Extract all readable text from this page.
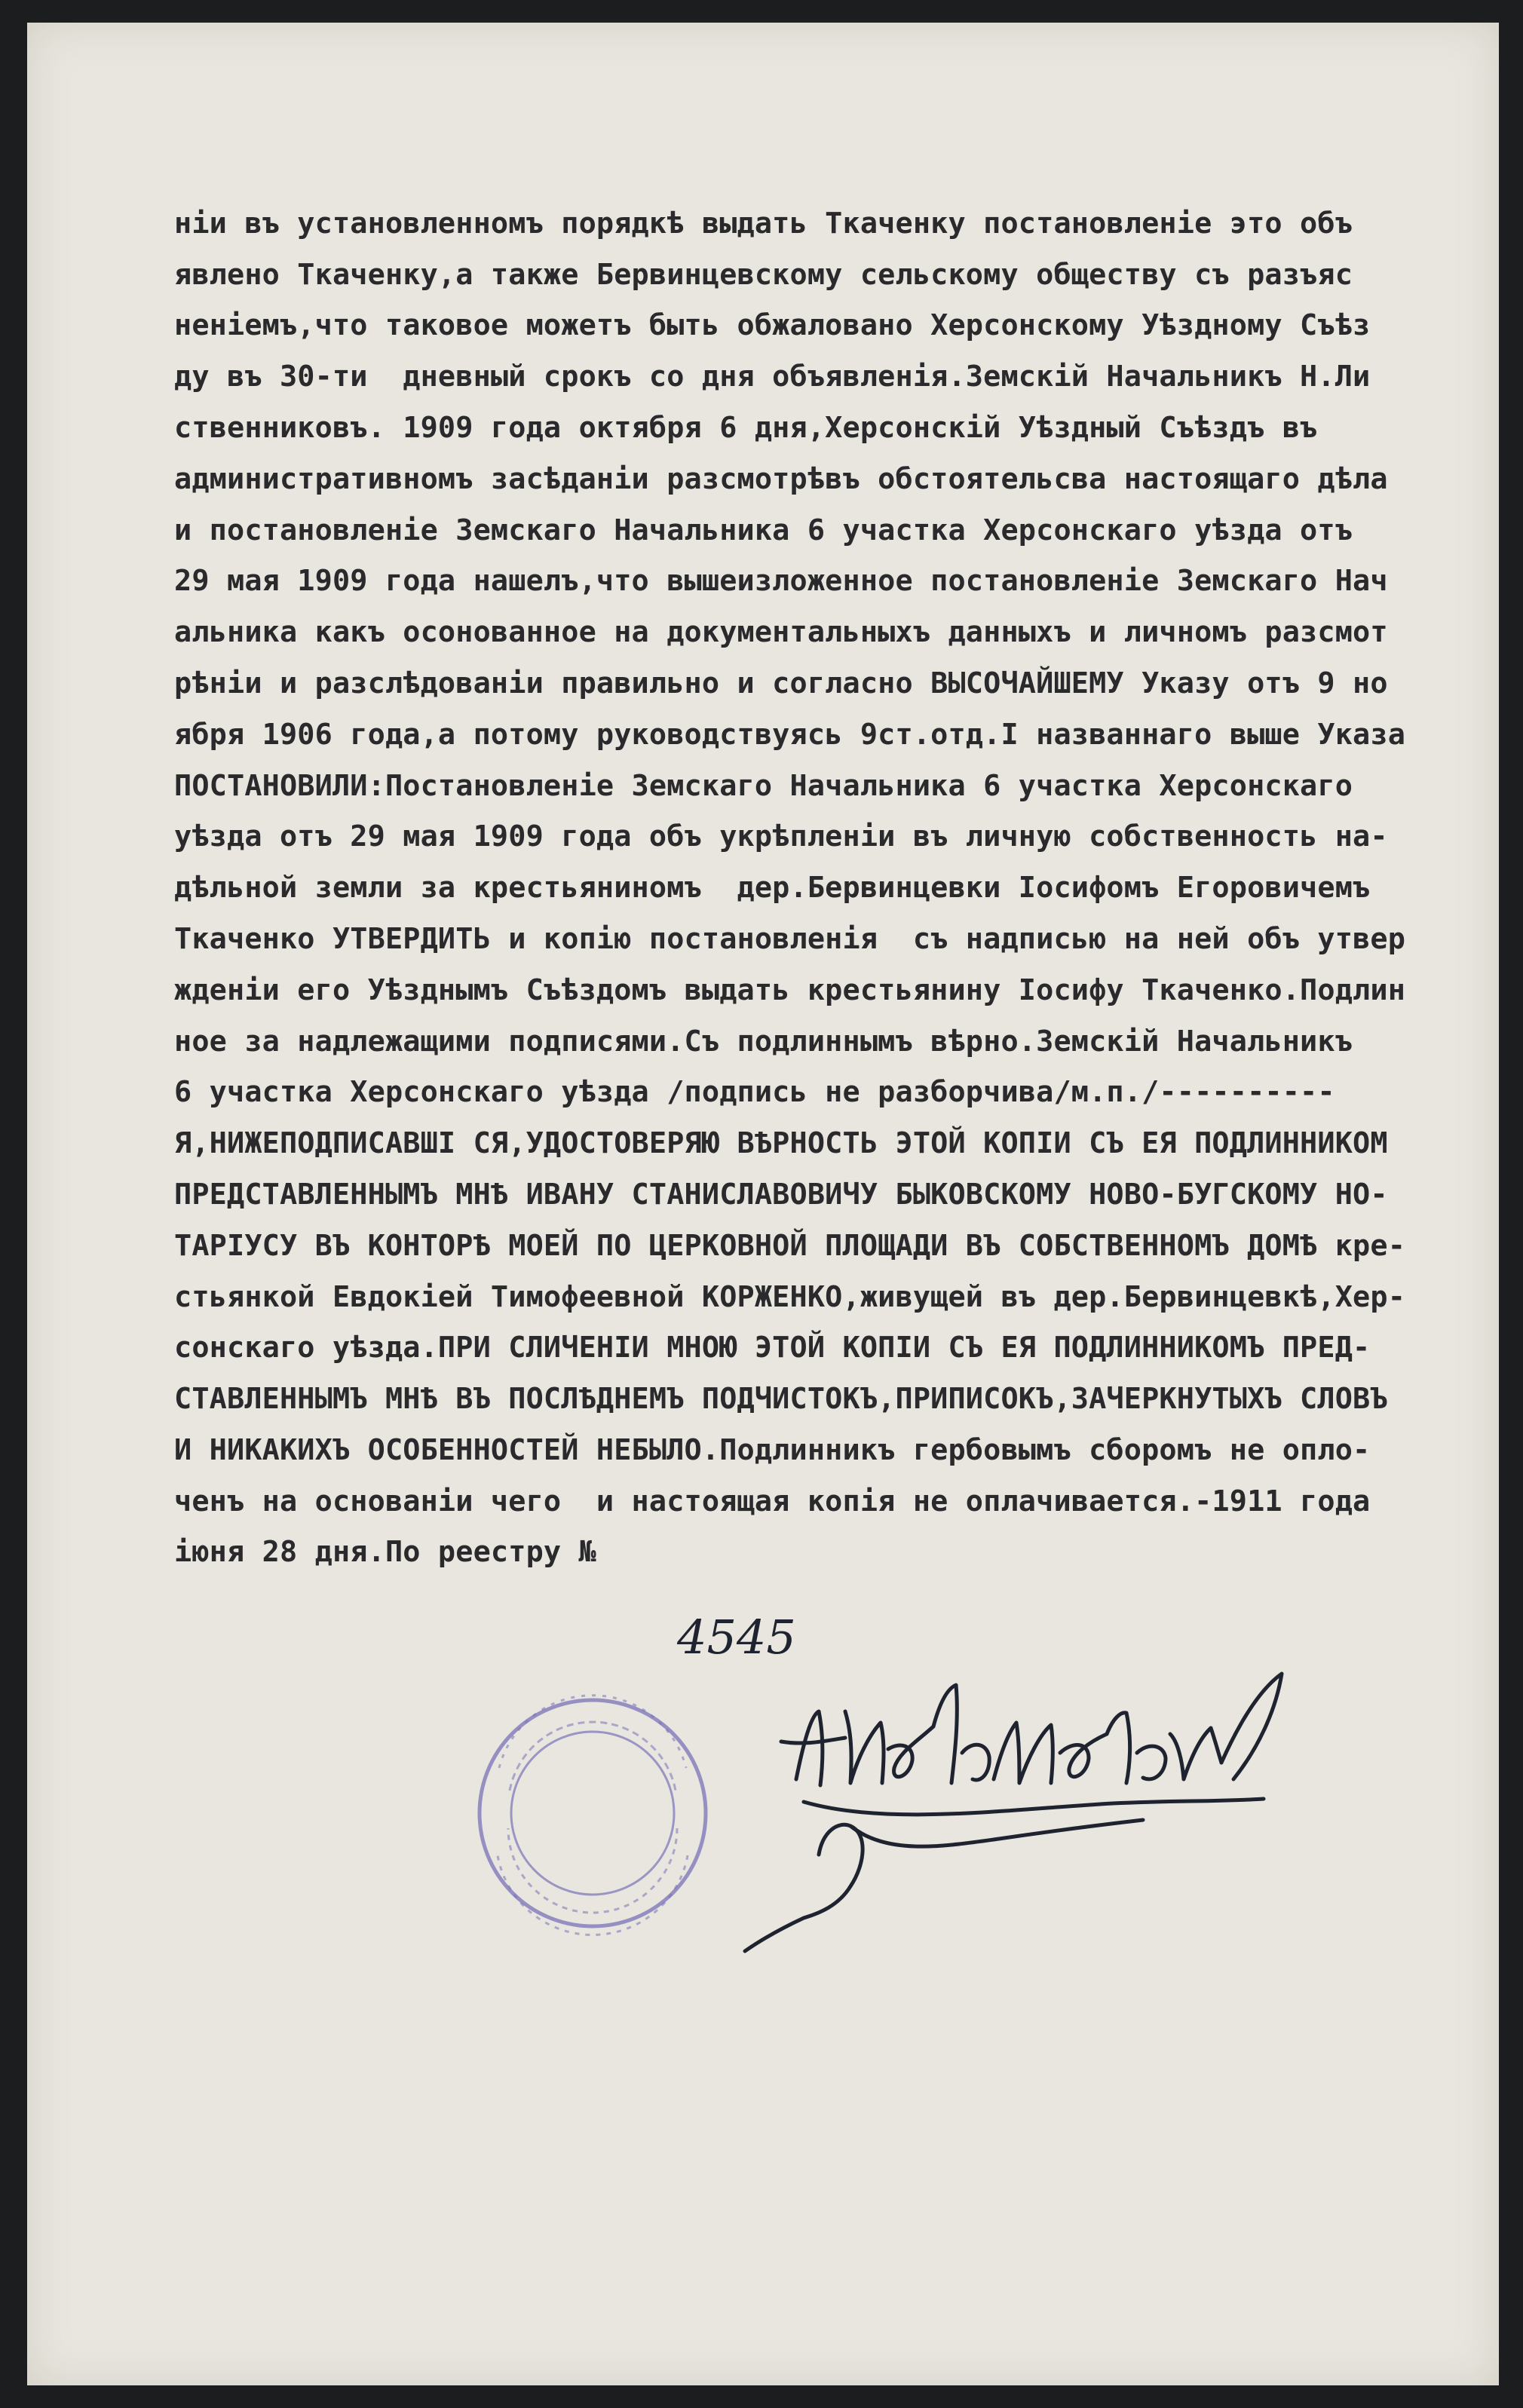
ніи въ установленномъ порядкѣ выдать Ткаченку постановленіе это объ
явлено Ткаченку,а также Бервинцевскому сельскому обществу съ разъяс
неніемъ,что таковое можетъ быть обжаловано Херсонскому Уѣздному Съѣз
ду въ 30-ти  дневный срокъ со дня объявленія.Земскій Начальникъ Н.Ли
ственниковъ. 1909 года октября 6 дня,Херсонскій Уѣздный Съѣздъ въ
административномъ засѣданіи разсмотрѣвъ обстоятельсва настоящаго дѣла
и постановленіе Земскаго Начальника 6 участка Херсонскаго уѣзда отъ
29 мая 1909 года нашелъ,что вышеизложенное постановленіе Земскаго Нач
альника какъ осонованное на документальныхъ данныхъ и личномъ разсмот
рѣніи и разслѣдованіи правильно и согласно ВЫСОЧАЙШЕМУ Указу отъ 9 но
ября 1906 года,а потому руководствуясь 9ст.отд.I названнаго выше Указа
ПОСТАНОВИЛИ:Постановленіе Земскаго Начальника 6 участка Херсонскаго
уѣзда отъ 29 мая 1909 года объ укрѣпленіи въ личную собственность на-
дѣльной земли за крестьяниномъ  дер.Бервинцевки Іосифомъ Егоровичемъ
Ткаченко УТВЕРДИТЬ и копію постановленія  съ надписью на ней объ утвер
жденіи его Уѣзднымъ Съѣздомъ выдать крестьянину Іосифу Ткаченко.Подлин
ное за надлежащими подписями.Съ подлиннымъ вѣрно.Земскій Начальникъ
6 участка Херсонскаго уѣзда /подпись не разборчива/м.п./----------
Я,НИЖЕПОДПИСАВШІ СЯ,УДОСТОВЕРЯЮ ВѢРНОСТЬ ЭТОЙ КОПІИ СЪ ЕЯ ПОДЛИННИКОМ
ПРЕДСТАВЛЕННЫМЪ МНѢ ИВАНУ СТАНИСЛАВОВИЧУ БЫКОВСКОМУ НОВО-БУГСКОМУ НО-
ТАРІУСУ ВЪ КОНТОРѢ МОЕЙ ПО ЦЕРКОВНОЙ ПЛОЩАДИ ВЪ СОБСТВЕННОМЪ ДОМѢ кре-
стьянкой Евдокіей Тимофеевной КОРЖЕНКО,живущей въ дер.Бервинцевкѣ,Хер-
сонскаго уѣзда.ПРИ СЛИЧЕНІИ МНОЮ ЭТОЙ КОПІИ СЪ ЕЯ ПОДЛИННИКОМЪ ПРЕД-
СТАВЛЕННЫМЪ МНѢ ВЪ ПОСЛѢДНЕМЪ ПОДЧИСТОКЪ,ПРИПИСОКЪ,ЗАЧЕРКНУТЫХЪ СЛОВЪ
И НИКАКИХЪ ОСОБЕННОСТЕЙ НЕБЫЛО.Подлинникъ гербовымъ сборомъ не опло-
ченъ на основаніи чего  и настоящая копія не оплачивается.-1911 года
іюня 28 дня.По реестру №
4545
